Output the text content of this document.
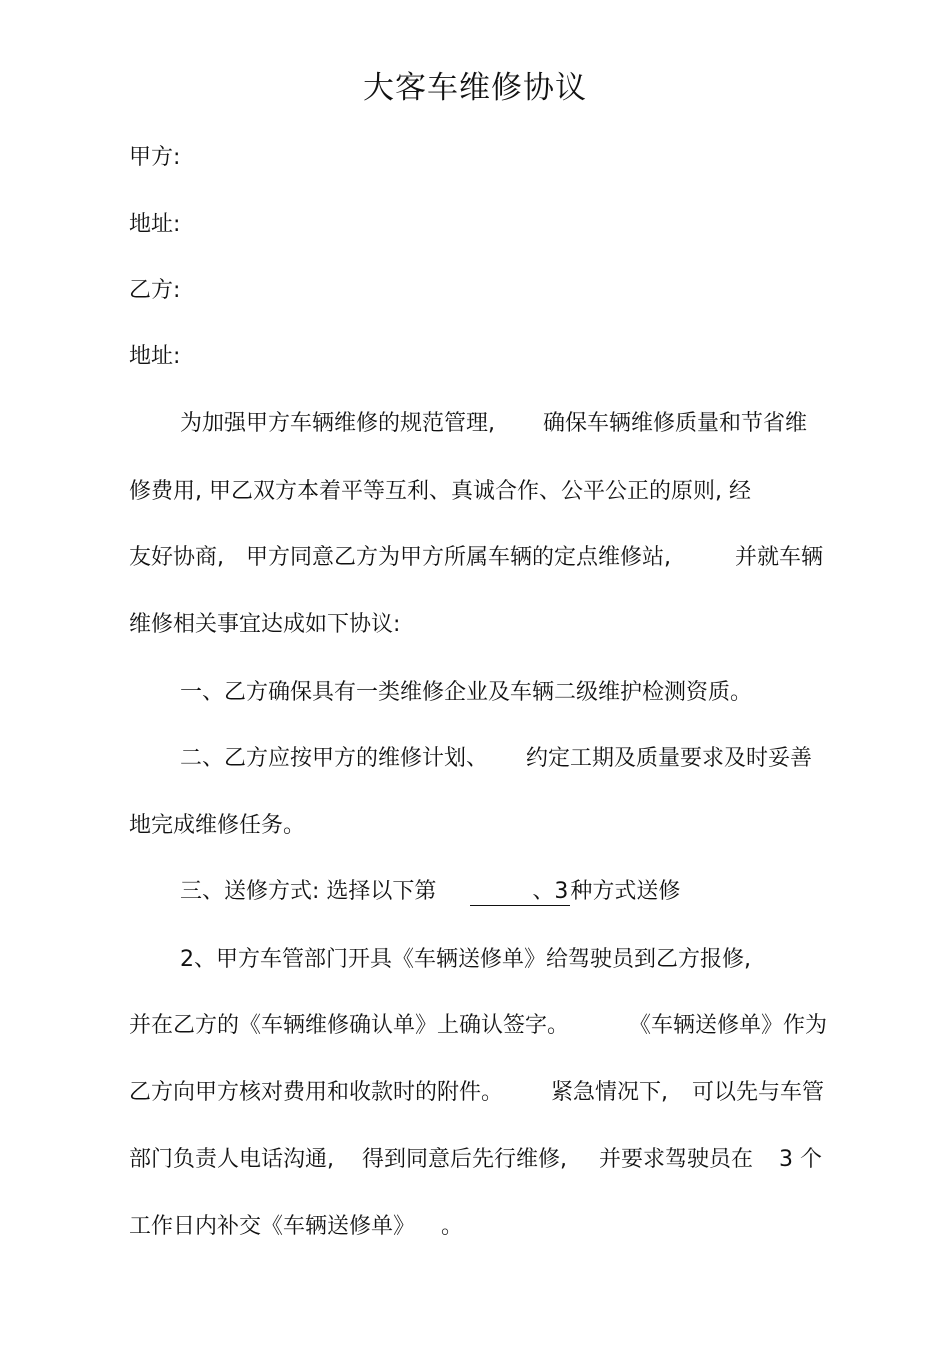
大客车维修协议
甲方:
地址:
乙方:
地址:
为加强甲方车辆维修的规范管理, 确保车辆维修质量和节省维
修费用, 甲乙双方本着平等互利、真诚合作、公平公正的原则, 经
友好协商, 甲方同意乙方为甲方所属车辆的定点维修站,	并就车辆
维修相关事宜达成如下协议:
一、乙方确保具有一类维修企业及车辆二级维护检测资质。
二、乙方应按甲方的维修计划、 约定工期及质量要求及时妥善
地完成维修任务。
三、送修方式: 选择以下第	、3种方式送修
2、甲方车管部门开具《车辆送修单》给驾驶员到乙方报修,
并在乙方的《车辆维修确认单》上确认签字。	《车辆送修单》作为
乙方向甲方核对费用和收款时的附件。 紧急情况下, 可以先与车管
部门负责人电话沟通, 得到同意后先行维修, 并要求驾驶员在 3 个
工作日内补交《车辆送修单》 。
